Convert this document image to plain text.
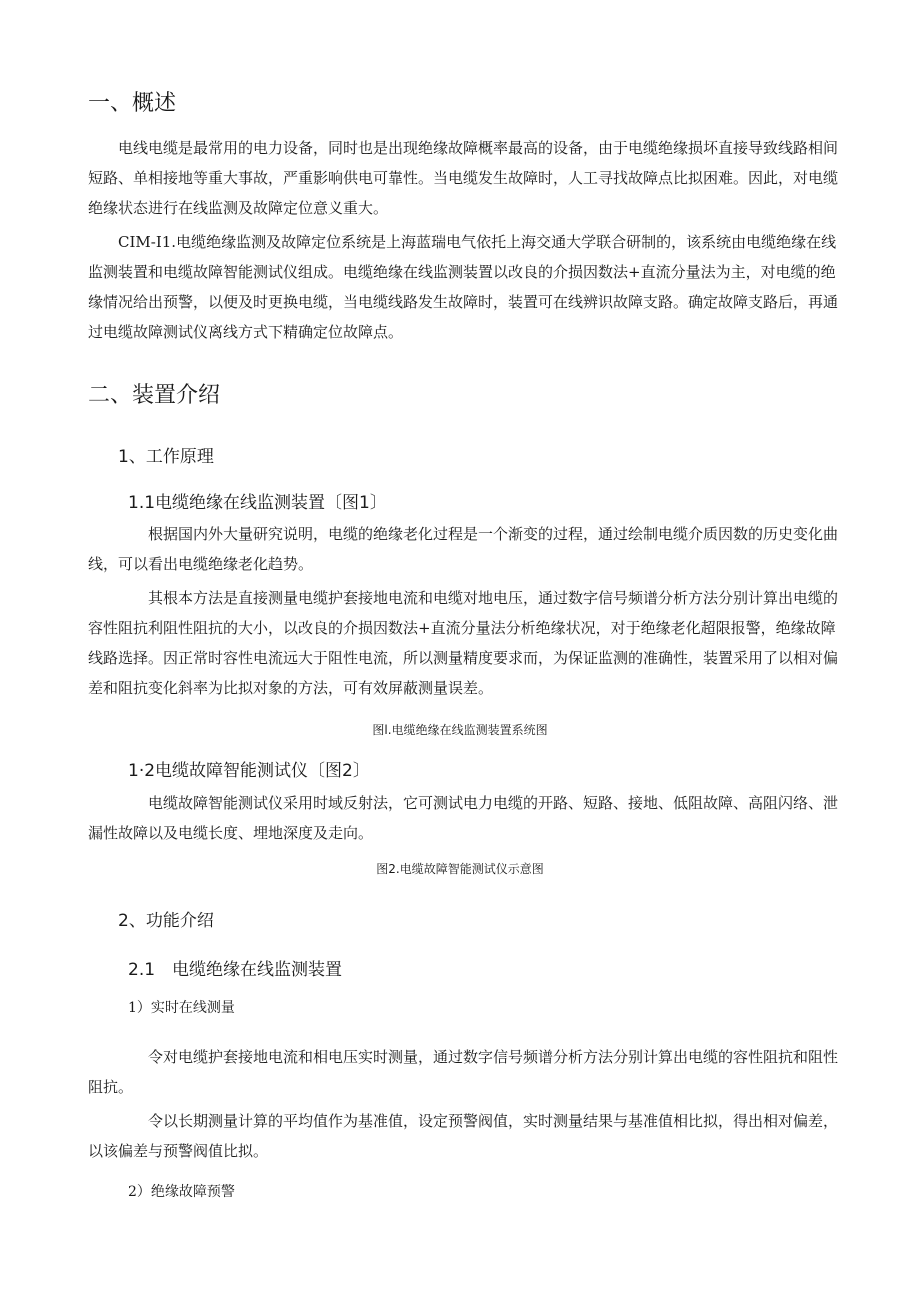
一、概述
电线电缆是最常用的电力设备，同时也是出现绝缘故障概率最高的设备，由于电缆绝缘损坏直接导致线路相间短路、单相接地等重大事故，严重影响供电可靠性。当电缆发生故障时，人工寻找故障点比拟困难。因此，对电缆绝缘状态进行在线监测及故障定位意义重大。
CIM-I1.电缆绝缘监测及故障定位系统是上海蓝瑞电气依托上海交通大学联合研制的，该系统由电缆绝缘在线监测装置和电缆故障智能测试仪组成。电缆绝缘在线监测装置以改良的介损因数法+直流分量法为主，对电缆的绝缘情况给出预警，以便及时更换电缆，当电缆线路发生故障时，装置可在线辨识故障支路。确定故障支路后，再通过电缆故障测试仪离线方式下精确定位故障点。
二、装置介绍
1、工作原理
1.1电缆绝缘在线监测装置〔图1〕
根据国内外大量研究说明，电缆的绝缘老化过程是一个渐变的过程，通过绘制电缆介质因数的历史变化曲线，可以看出电缆绝缘老化趋势。
其根本方法是直接测量电缆护套接地电流和电缆对地电压，通过数字信号频谱分析方法分别计算出电缆的容性阻抗利阻性阻抗的大小，以改良的介损因数法+直流分量法分析绝缘状况，对于绝缘老化超限报警，绝缘故障线路选择。因正常时容性电流远大于阻性电流，所以测量精度要求而，为保证监测的准确性，装置采用了以相对偏差和阻抗变化斜率为比拟对象的方法，可有效屏蔽测量误差。
图l.电缆绝缘在线监测装置系统图
1·2电缆故障智能测试仪〔图2〕
电缆故障智能测试仪采用时域反射法，它可测试电力电缆的开路、短路、接地、低阻故障、高阻闪络、泄漏性故障以及电缆长度、埋地深度及走向。
图2.电缆故障智能测试仪示意图
2、功能介绍
2.1　电缆绝缘在线监测装置
1）实时在线测量
令对电缆护套接地电流和相电压实时测量，通过数字信号频谱分析方法分别计算出电缆的容性阻抗和阻性阻抗。
令以长期测量计算的平均值作为基准值，设定预警阀值，实时测量结果与基准值相比拟，得出相对偏差，以该偏差与预警阀值比拟。
2）绝缘故障预警
